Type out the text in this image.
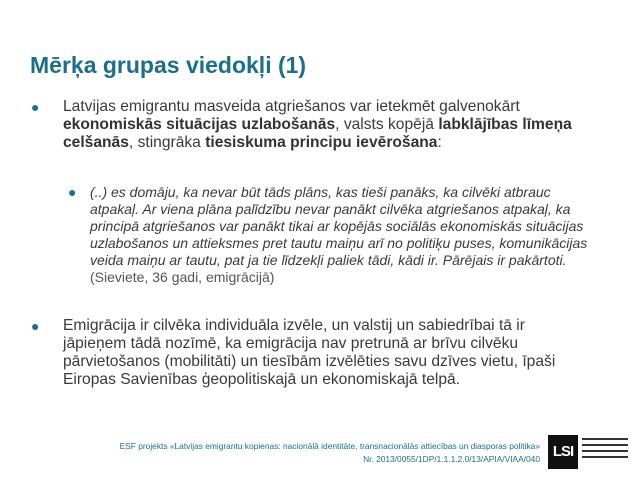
Mērķa grupas viedokļi (1)
● Latvijas emigrantu masveida atgriešanos var ietekmēt galvenokārt ekonomiskās situācijas uzlabošanās, valsts kopējā labklājības līmeņa celšanās, stingrāka tiesiskuma principu ievērošana:
● (..) es domāju, ka nevar būt tāds plāns, kas tieši panāks, ka cilvēki atbrauc atpakaļ. Ar viena plāna palīdzību nevar panākt cilvēka atgriešanos atpakaļ, ka principā atgriešanos var panākt tikai ar kopējās sociālās ekonomiskās situācijas uzlabošanos un attieksmes pret tautu maiņu arī no politiķu puses, komunikācijas veida maiņu ar tautu, pat ja tie līdzekļi paliek tādi, kādi ir. Pārējais ir pakārtoti. (Sieviete, 36 gadi, emigrācijā)
● Emigrācija ir cilvēka individuāla izvēle, un valstij un sabiedrībai tā ir jāpieņem tādā nozīmē, ka emigrācija nav pretrunā ar brīvu cilvēku pārvietošanos (mobilitāti) un tiesībām izvēlēties savu dzīves vietu, īpaši Eiropas Savienības ģeopolitiskajā un ekonomiskajā telpā.
ESF projekts «Latvijas emigrantu kopienas: nacionālā identitāte, transnacionālās attiecības un diasporas politika»
Nr. 2013/0055/1DP/1.1.1.2.0/13/APIA/VIAA/040 LSI
